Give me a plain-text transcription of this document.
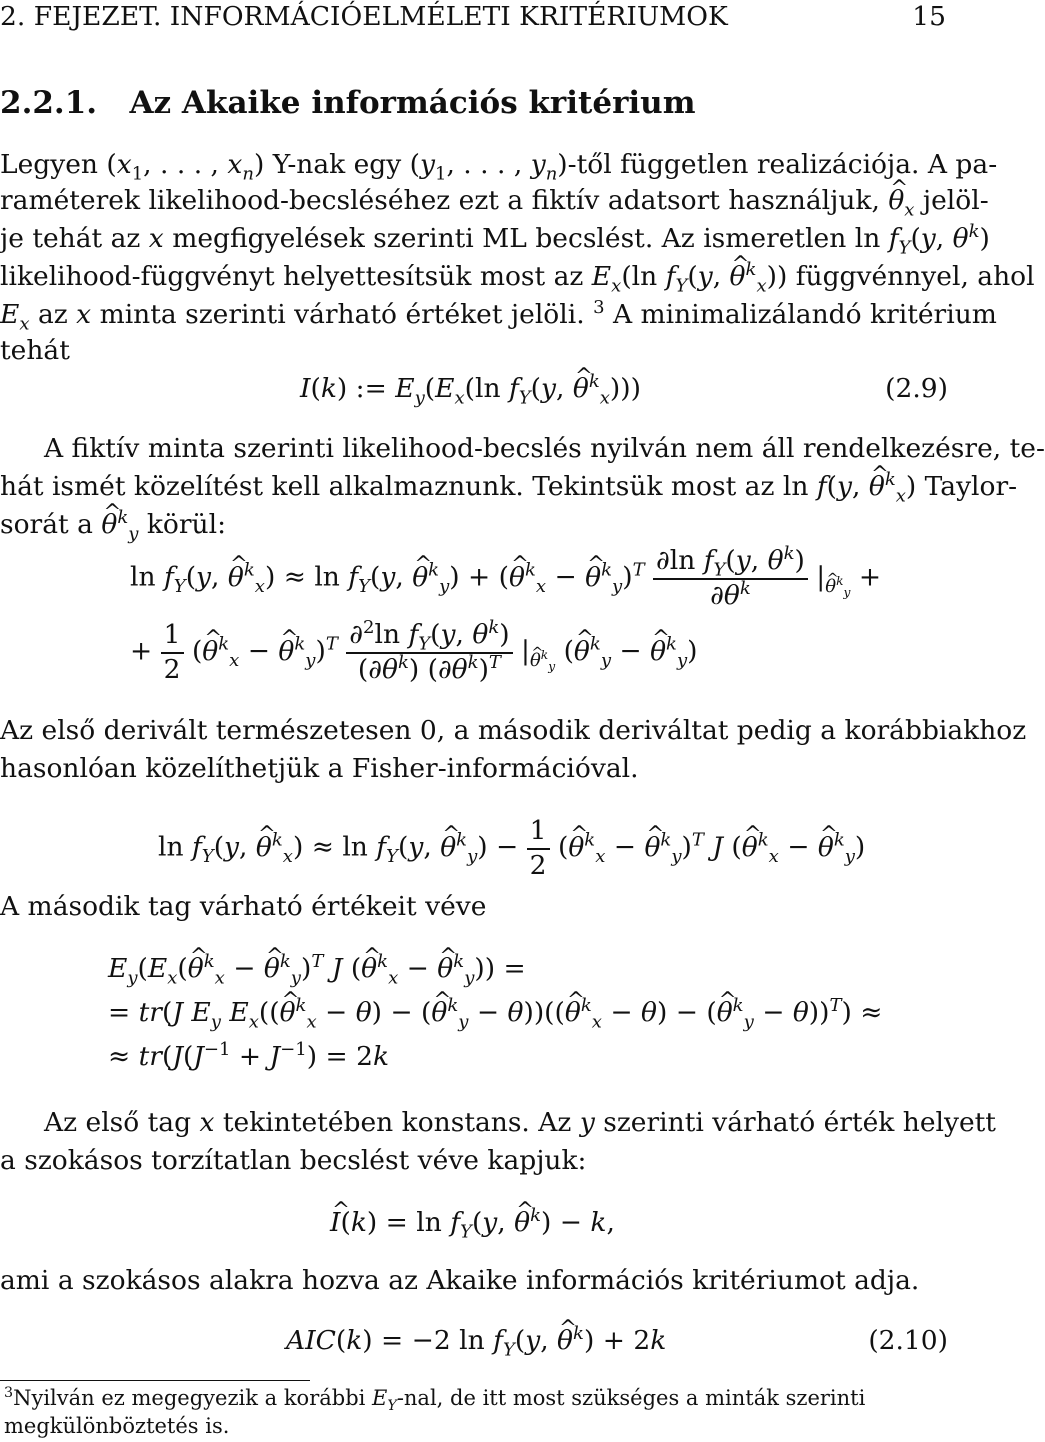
2. FEJEZET. INFORMÁCIÓELMÉLETI KRITÉRIUMOK	15
2.2.1. Az Akaike információs kritérium
Legyen ($x_1$, . . . , $x_n$) Y-nak egy ($y_1$, . . . , $y_n$)-től független realizációja. A pa-
raméterek likelihood-becsléséhez ezt a fiktív adatsort használjuk, ^ $\theta_x$ jelöl-
je tehát az x megfigyelések szerinti ML becslést. Az ismeretlen $\ln f_Y(y$, $\theta^k$)
likelihood-függvényt helyettesítsük most az $E_x(\ln$ $f_Y(y$, ^ $\theta^k_x$)) függvénnyel, ahol
$E_x$ az x minta szerinti várható értéket jelöli. $^3$ A minimalizálandó kritérium
tehát
I(k) := $E_y(E_x(\ln$ $f_Y(y$, ^ $\theta^k_x$)))	(2.9)
A fiktív minta szerinti likelihood-becslés nyilván nem áll rendelkezésre, te-
hát ismét közelítést kell alkalmaznunk. Tekintsük most az ln f(y, ^ $\theta^k_x$) Taylor-
sorát a ^ $\theta^k_y$ körül:
$\ln f_Y(y$, ^ $\theta^k_x) \approx \ln f_Y(y$, ^ $\theta^k_y$) + (^ $\theta^k_x$ − ^ $\theta^k_y)^T \frac{\partial\ln f_Y(y, \theta^k)}{\partial\theta^k} |_{\theta^k_y}$ +
+ $\frac{1}{2}$ (^ $\theta^k_x$ − ^ $\theta^k_y)^T \frac{\partial^2\ln f_Y(y, \theta^k)}{(\partial\theta^k) (\partial\theta^k)^T} |_{\theta^k_y}$ (^ $\theta^k_y$ − ^ $\theta^k_y$)
Az első derivált természetesen 0, a második deriváltat pedig a korábbiakhoz
hasonlóan közelíthetjük a Fisher-információval.
$\ln f_Y(y$, ^ $\theta^k_x) \approx \ln f_Y(y$, ^ $\theta^k_y) - \frac{1}{2}$ (^ $\theta^k_x$ − ^ $\theta^k_y)^T$ J (^ $\theta^k_x$ − ^ $\theta^k_y$)
A második tag várható értékeit véve
$E_y(E_x(\^{}$ $\theta^k_x$ − ^ $\theta^k_y)^T$ J (^ $\theta^k_x$ − ^ $\theta^k_y$)) =
= tr(J $E_y$ $E_x((\^{}$ $\theta^k_x - \theta$) − (^ $\theta^k_y$ − θ))((^ $\theta^k_x - \theta$) − (^ $\theta^k_y - \theta))^T$) ≈
≈ $tr(J(J^{-1} + J^{-1}) = 2k$
Az első tag x tekintetében konstans. Az y szerinti várható érték helyett
a szokásos torzítatlan becslést véve kapjuk:
^ $I(k) = \ln f_Y(y$, ^ $\theta^k) - k$,
ami a szokásos alakra hozva az Akaike információs kritériumot adja.
AIC(k) = −2 $\ln f_Y(y$, ^ $\theta^k) + 2k$	(2.10)
$^3$Nyilván ez megegyezik a korábbi $E_Y$-nal, de itt most szükséges a minták szerinti
megkülönböztetés is.
